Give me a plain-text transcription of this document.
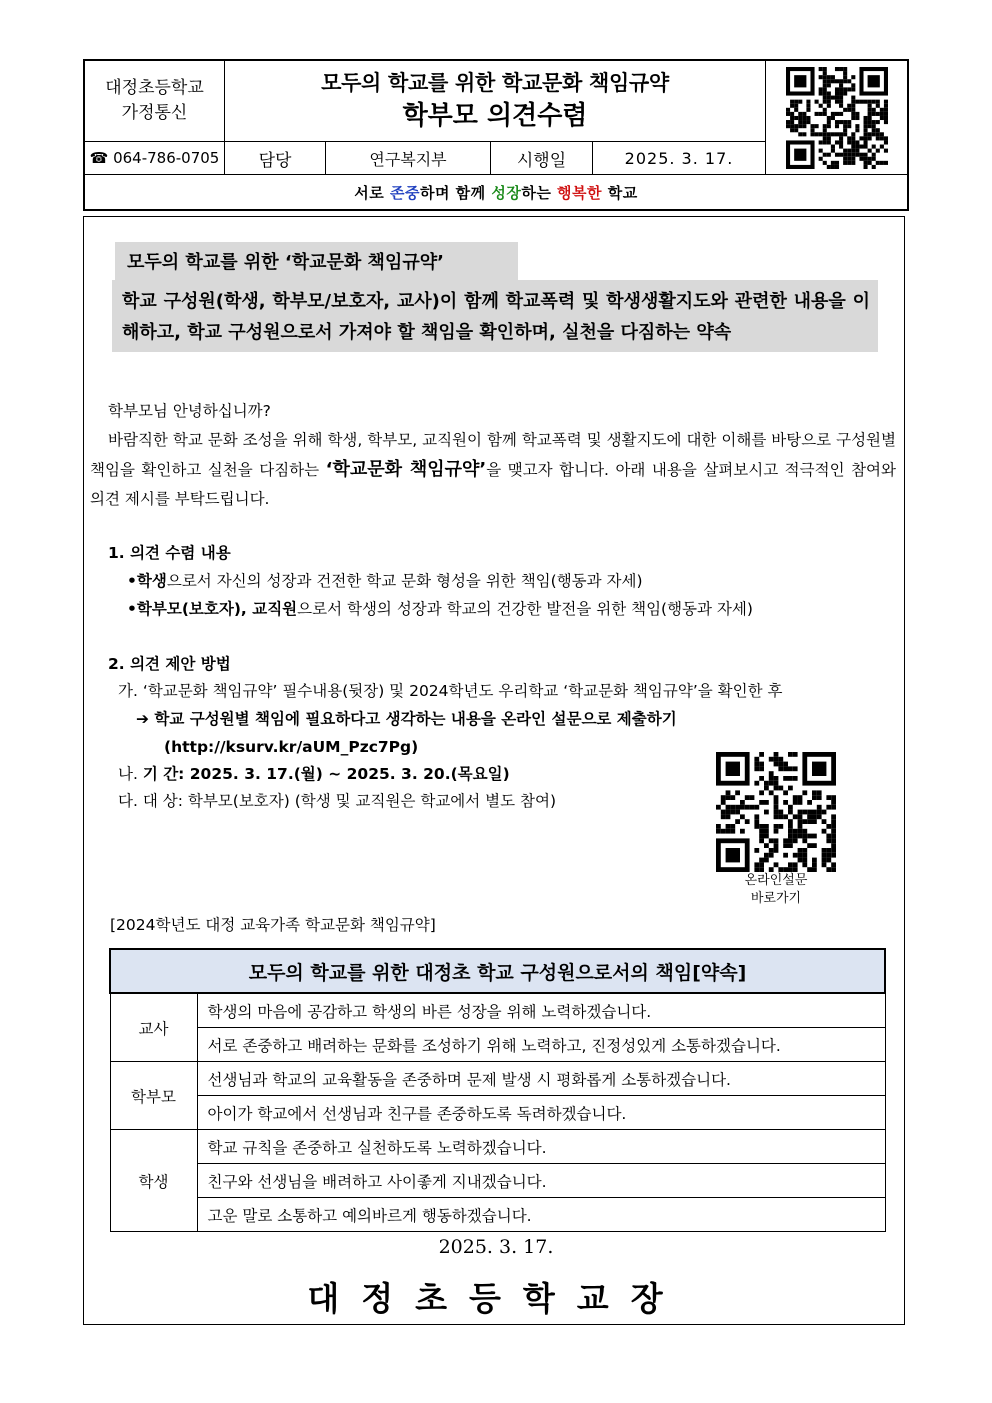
대정초등학교
가정통신
모두의 학교를 위한 학교문화 책임규약
학부모 의견수렴
☎ 064-786-0705 담당	연구복지부	시행일	2025. 3. 17.
서로 존중하며 함께 성장하는 행복한 학교
모두의 학교를 위한 ‘학교문화 책임규약’
학교 구성원(학생, 학부모/보호자, 교사)이 함께 학교폭력 및 학생생활지도와 관련한 내용을 이해하고, 학교 구성원으로서 가져야 할 책임을 확인하며, 실천을 다짐하는 약속
학부모님 안녕하십니까?
바람직한 학교 문화 조성을 위해 학생, 학부모, 교직원이 함께 학교폭력 및 생활지도에 대한 이해를 바탕으로 구성원별 책임을 확인하고 실천을 다짐하는 ‘학교문화 책임규약’을 맺고자 합니다. 아래 내용을 살펴보시고 적극적인 참여와 의견 제시를 부탁드립니다.
1. 의견 수렴 내용
•학생으로서 자신의 성장과 건전한 학교 문화 형성을 위한 책임(행동과 자세)
•학부모(보호자), 교직원으로서 학생의 성장과 학교의 건강한 발전을 위한 책임(행동과 자세)
2. 의견 제안 방법
가. ‘학교문화 책임규약’ 필수내용(뒷장) 및 2024학년도 우리학교 ‘학교문화 책임규약’을 확인한 후
➔ 학교 구성원별 책임에 필요하다고 생각하는 내용을 온라인 설문으로 제출하기
(http://ksurv.kr/aUM_Pzc7Pg)
나. 기 간: 2025. 3. 17.(월) ~ 2025. 3. 20.(목요일)
다. 대 상: 학부모(보호자) (학생 및 교직원은 학교에서 별도 참여)
온라인설문
바로가기
[2024학년도 대정 교육가족 학교문화 책임규약]
모두의 학교를 위한 대정초 학교 구성원으로서의 책임[약속]	
교사	학생의 마음에 공감하고 학생의 바른 성장을 위해 노력하겠습니다.
	서로 존중하고 배려하는 문화를 조성하기 위해 노력하고, 진정성있게 소통하겠습니다.
학부모	선생님과 학교의 교육활동을 존중하며 문제 발생 시 평화롭게 소통하겠습니다.
	아이가 학교에서 선생님과 친구를 존중하도록 독려하겠습니다.
학생	학교 규칙을 존중하고 실천하도록 노력하겠습니다.
	친구와 선생님을 배려하고 사이좋게 지내겠습니다.
	고운 말로 소통하고 예의바르게 행동하겠습니다.
2025. 3. 17.
대정초등학교장
